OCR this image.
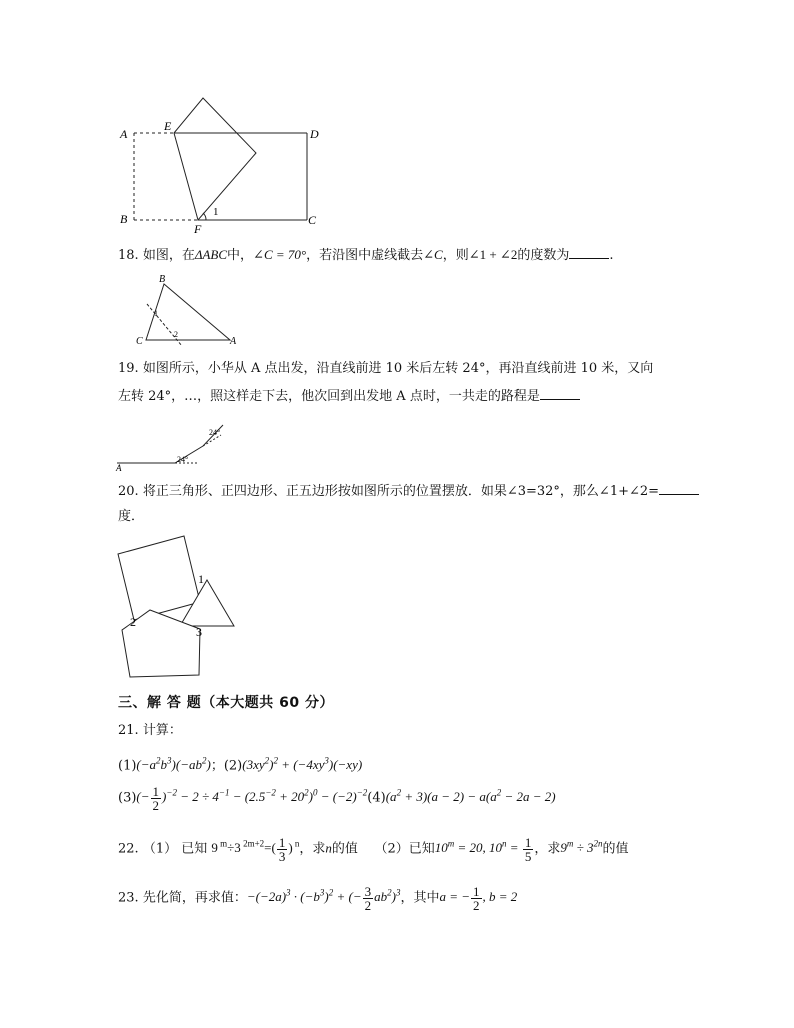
A
E
D
B
F
C
1
18. 如图，在ΔABC中，∠C = 70°，若沿图中虚线截去∠C，则∠1 + ∠2的度数为	.
B
C	A
1
2
19. 如图所示，小华从 A 点出发，沿直线前进 10 米后左转 24°，再沿直线前进 10 米，又向
左转 24°，…，照这样走下去，他次回到出发地 A 点时，一共走的路程是
A
24°
24°
20. 将正三角形、正四边形、正五边形按如图所示的位置摆放．如果∠3=32°，那么∠1+∠2=
度．
1
2
3
三、解 答 题（本大题共 60 分）
21. 计算：
$(1)(-a^2b^3)(-ab^2)$；$(2)(3xy^2)^2 + (-4xy^3)(-xy)$
$(3)(- \frac{1}{2} )^{-2} - 2 \div 4^{-1} - (2.5^{-2} + 20^2)^0 - (-2)^{-2}(4)(a^2 + 3)(a - 2) - a(a^2 - 2a - 2)$
22. （1） 已知 9 $^m$÷3 $^{2m+2}=( \frac{1}{3}$ ) $^n$，求n的值 （2）已知$10^m = 20$, $10^n = \frac{1}{5}$ ，求$9^m \div 3^{2n}$的值
23. 先化简，再求值：$-(-2a)^3 \cdot (-b^3)^2$ + (− $\frac{3}{2} ab^2)^3$，其中a = − $\frac{1}{2}$ , b = 2
